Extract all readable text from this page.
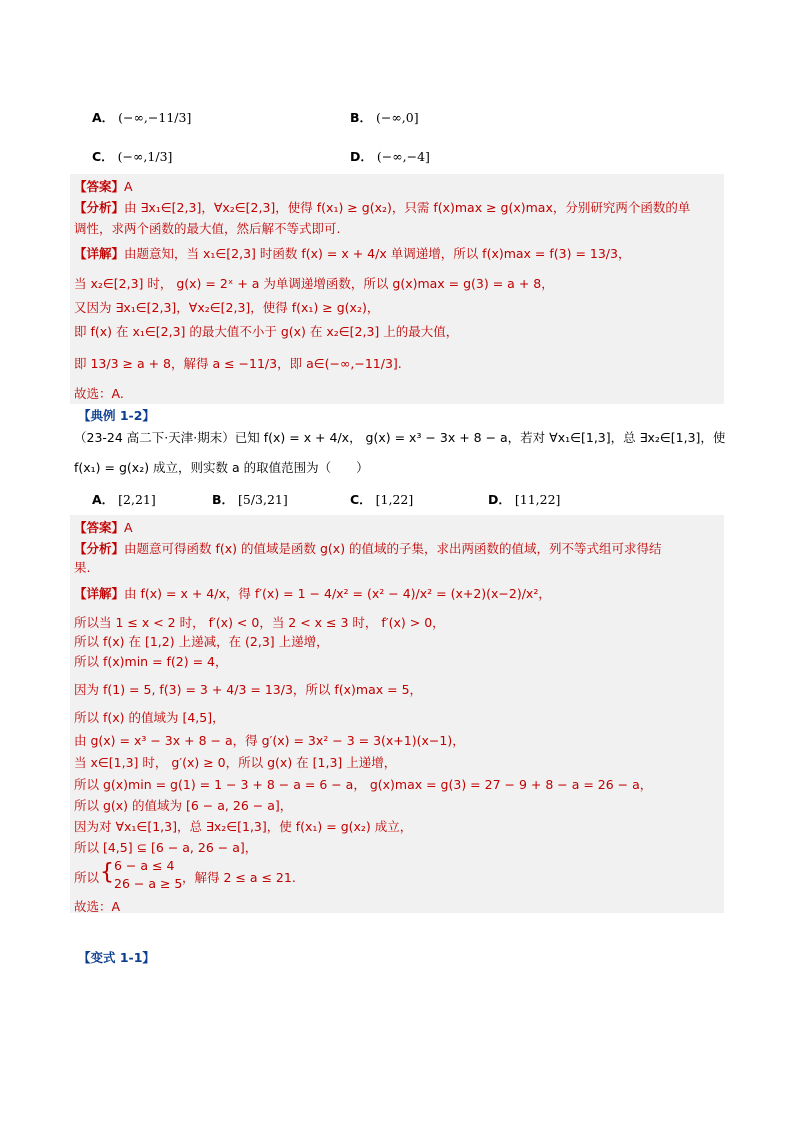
A． (−∞,−11/3]	B． (−∞,0]
C． (−∞,1/3]	D． (−∞,−4]
【答案】A
【分析】由 ∃x₁∈[2,3]，∀x₂∈[2,3]，使得 f(x₁) ≥ g(x₂)，只需 f(x)max ≥ g(x)max，分别研究两个函数的单
调性，求两个函数的最大值，然后解不等式即可.
【详解】由题意知，当 x₁∈[2,3] 时函数 f(x) = x + 4/x 单调递增，所以 f(x)max = f(3) = 13/3，
当 x₂∈[2,3] 时， g(x) = 2ˣ + a 为单调递增函数，所以 g(x)max = g(3) = a + 8，
又因为 ∃x₁∈[2,3]，∀x₂∈[2,3]，使得 f(x₁) ≥ g(x₂)，
即 f(x) 在 x₁∈[2,3] 的最大值不小于 g(x) 在 x₂∈[2,3] 上的最大值，
即 13/3 ≥ a + 8，解得 a ≤ −11/3，即 a∈(−∞,−11/3].
故选：A.
【典例 1-2】
（23-24 高二下·天津·期末）已知 f(x) = x + 4/x， g(x) = x³ − 3x + 8 − a，若对 ∀x₁∈[1,3]，总 ∃x₂∈[1,3]，使
f(x₁) = g(x₂) 成立，则实数 a 的取值范围为（　　）
A． [2,21]	B． [5/3,21]	C． [1,22]	D． [11,22]
【答案】A
【分析】由题意可得函数 f(x) 的值域是函数 g(x) 的值域的子集，求出两函数的值域，列不等式组可求得结
果.
【详解】由 f(x) = x + 4/x，得 f′(x) = 1 − 4/x² = (x² − 4)/x² = (x+2)(x−2)/x²，
所以当 1 ≤ x < 2 时， f′(x) < 0，当 2 < x ≤ 3 时， f′(x) > 0，
所以 f(x) 在 [1,2) 上递减，在 (2,3] 上递增，
所以 f(x)min = f(2) = 4，
因为 f(1) = 5, f(3) = 3 + 4/3 = 13/3，所以 f(x)max = 5，
所以 f(x) 的值域为 [4,5]，
由 g(x) = x³ − 3x + 8 − a，得 g′(x) = 3x² − 3 = 3(x+1)(x−1)，
当 x∈[1,3] 时， g′(x) ≥ 0，所以 g(x) 在 [1,3] 上递增，
所以 g(x)min = g(1) = 1 − 3 + 8 − a = 6 − a， g(x)max = g(3) = 27 − 9 + 8 − a = 26 − a，
所以 g(x) 的值域为 [6 − a, 26 − a]，
因为对 ∀x₁∈[1,3]，总 ∃x₂∈[1,3]，使 f(x₁) = g(x₂) 成立，
所以 [4,5] ⊆ [6 − a, 26 − a]，
所以 { 6 − a ≤ 4
26 − a ≥ 5 ，解得 2 ≤ a ≤ 21.
故选：A
【变式 1-1】
